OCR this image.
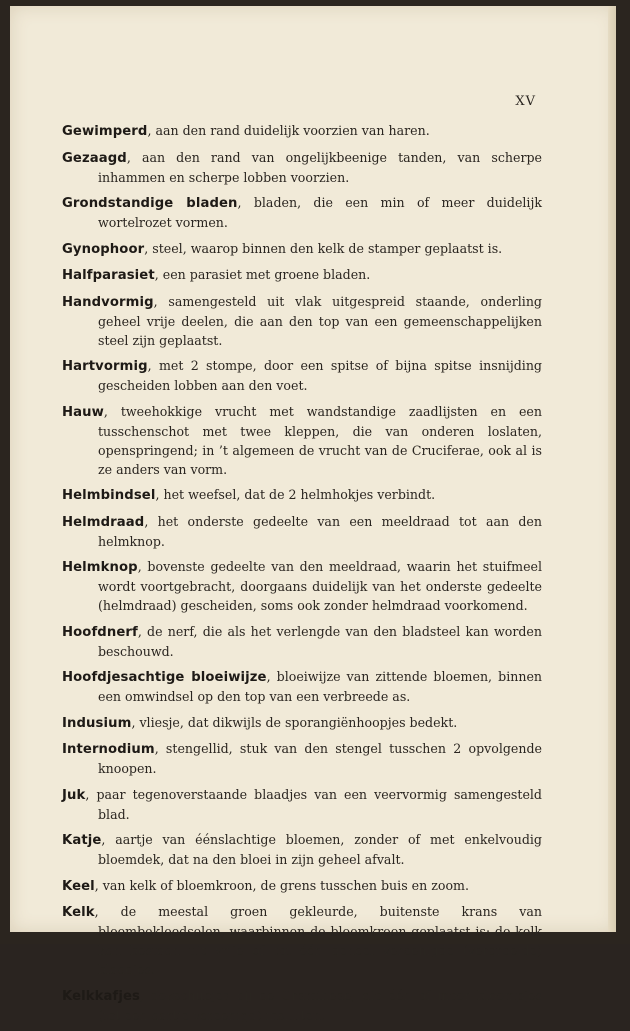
XV

Gewimperd, aan den rand duidelijk voorzien van haren.

Gezaagd, aan den rand van ongelijkbeenige tanden, van scherpe inhammen en scherpe lobben voorzien.

Grondstandige bladen, bladen, die een min of meer duidelijk wortelrozet vormen.

Gynophoor, steel, waarop binnen den kelk de stamper geplaatst is.

Halfparasiet, een parasiet met groene bladen.

Handvormig, samengesteld uit vlak uitgespreid staande, onderling geheel vrije deelen, die aan den top van een gemeenschappelijken steel zijn geplaatst.

Hartvormig, met 2 stompe, door een spitse of bijna spitse insnijding gescheiden lobben aan den voet.

Hauw, tweehokkige vrucht met wandstandige zaadlijsten en een tusschenschot met twee kleppen, die van onderen loslaten, openspringend; in ’t algemeen de vrucht van de Cruciferae, ook al is ze anders van vorm.

Helmbindsel, het weefsel, dat de 2 helmhokjes verbindt.

Helmdraad, het onderste gedeelte van een meeldraad tot aan den helmknop.

Helmknop, bovenste gedeelte van den meeldraad, waarin het stuifmeel wordt voortgebracht, doorgaans duidelijk van het onderste gedeelte (helmdraad) gescheiden, soms ook zonder helmdraad voorkomend.

Hoofdnerf, de nerf, die als het verlengde van den bladsteel kan worden beschouwd.

Hoofdjesachtige bloeiwijze, bloeiwijze van zittende bloemen, binnen een omwindsel op den top van een verbreede as.

Indusium, vliesje, dat dikwijls de sporangiënhoopjes bedekt.

Internodium, stengellid, stuk van den stengel tusschen 2 opvolgende knoopen.

Juk, paar tegenoverstaande blaadjes van een veervormig samengesteld blad.

Katje, aartje van éénslachtige bloemen, zonder of met enkelvoudig bloemdek, dat na den bloei in zijn geheel afvalt.

Keel, van kelk of bloemkroon, de grens tusschen buis en zoom.

Kelk, de meestal groen gekleurde, buitenste krans van bloembekleedselen, waarbinnen de bloemkroon geplaatst is; de kelk kan bestaan uit vrije of tot één geheel vereenigde (vergroeide) blaadjes.

Kelkkafjes, dekschubjes bij de Gramineae, die één of meer bloempjes (tot een aartje vereenigd) insluiten.
